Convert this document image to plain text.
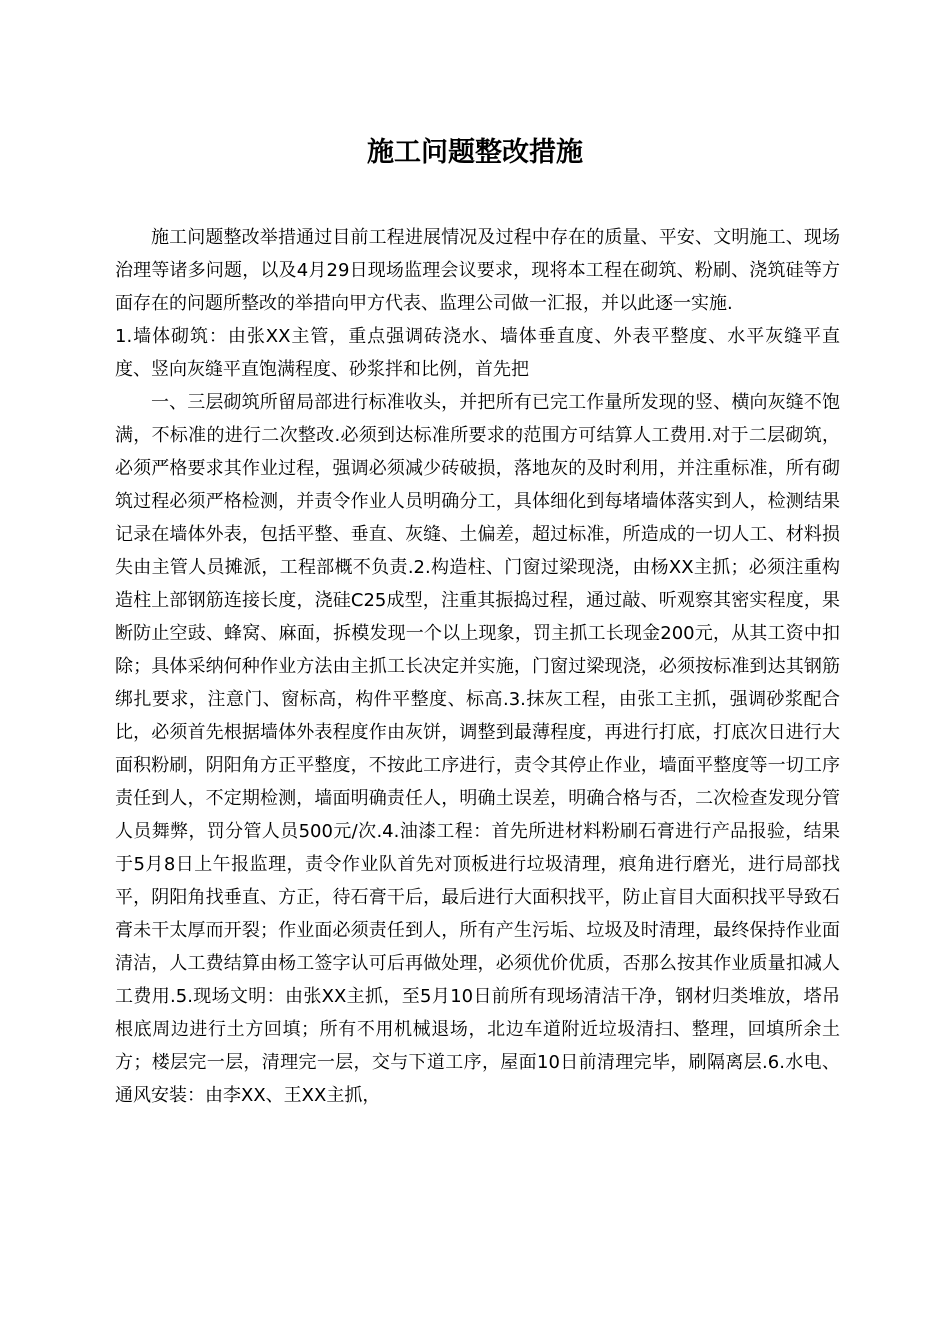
施工问题整改措施

施工问题整改举措通过目前工程进展情况及过程中存在的质量、平安、文明施工、现场治理等诸多问题，以及4月29日现场监理会议要求，现将本工程在砌筑、粉刷、浇筑硅等方面存在的问题所整改的举措向甲方代表、监理公司做一汇报，并以此逐一实施.

1.墙体砌筑：由张XX主管，重点强调砖浇水、墙体垂直度、外表平整度、水平灰缝平直度、竖向灰缝平直饱满程度、砂浆拌和比例，首先把

一、三层砌筑所留局部进行标准收头，并把所有已完工作量所发现的竖、横向灰缝不饱满，不标准的进行二次整改.必须到达标准所要求的范围方可结算人工费用.对于二层砌筑，必须严格要求其作业过程，强调必须减少砖破损，落地灰的及时利用，并注重标准，所有砌筑过程必须严格检测，并责令作业人员明确分工，具体细化到每堵墙体落实到人，检测结果记录在墙体外表，包括平整、垂直、灰缝、土偏差，超过标准，所造成的一切人工、材料损失由主管人员摊派，工程部概不负责.2.构造柱、门窗过梁现浇，由杨XX主抓；必须注重构造柱上部钢筋连接长度，浇硅C25成型，注重其振捣过程，通过敲、听观察其密实程度，果断防止空豉、蜂窝、麻面，拆模发现一个以上现象，罚主抓工长现金200元，从其工资中扣除；具体采纳何种作业方法由主抓工长决定并实施，门窗过梁现浇，必须按标准到达其钢筋绑扎要求，注意门、窗标高，构件平整度、标高.3.抹灰工程，由张工主抓，强调砂浆配合比，必须首先根据墙体外表程度作由灰饼，调整到最薄程度，再进行打底，打底次日进行大面积粉刷，阴阳角方正平整度，不按此工序进行，责令其停止作业，墙面平整度等一切工序责任到人，不定期检测，墙面明确责任人，明确土误差，明确合格与否，二次检查发现分管人员舞弊，罚分管人员500元/次.4.油漆工程：首先所进材料粉刷石膏进行产品报验，结果于5月8日上午报监理，责令作业队首先对顶板进行垃圾清理，痕角进行磨光，进行局部找平，阴阳角找垂直、方正，待石膏干后，最后进行大面积找平，防止盲目大面积找平导致石膏未干太厚而开裂；作业面必须责任到人，所有产生污垢、垃圾及时清理，最终保持作业面清洁，人工费结算由杨工签字认可后再做处理，必须优价优质，否那么按其作业质量扣减人工费用.5.现场文明：由张XX主抓，至5月10日前所有现场清洁干净，钢材归类堆放，塔吊根底周边进行土方回填；所有不用机械退场，北边车道附近垃圾清扫、整理，回填所余土方；楼层完一层，清理完一层，交与下道工序，屋面10日前清理完毕，刷隔离层.6.水电、通风安装：由李XX、王XX主抓，
